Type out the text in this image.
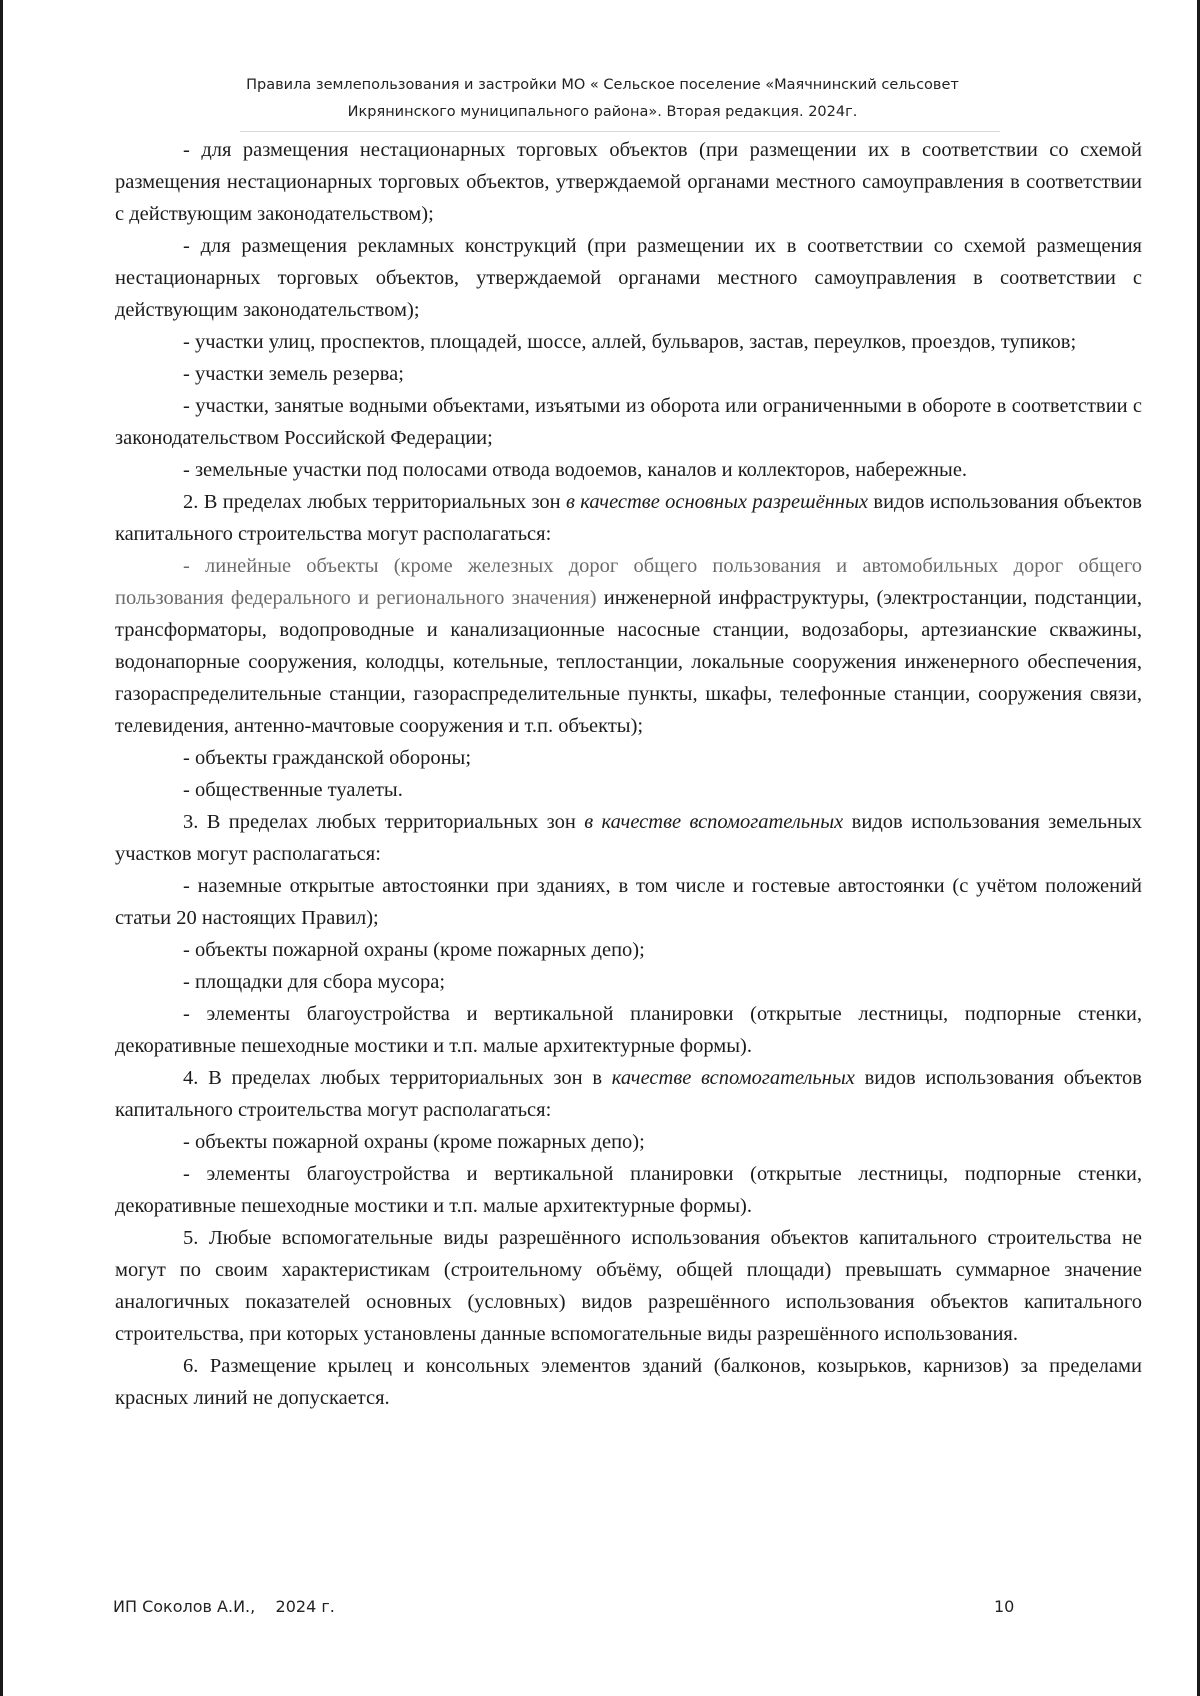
Правила землепользования и застройки МО « Сельское поселение «Маячнинский сельсовет
Икрянинского муниципального района». Вторая редакция. 2024г.

- для размещения нестационарных торговых объектов (при размещении их в соответствии со схемой размещения нестационарных торговых объектов, утверждаемой органами местного самоуправления в соответствии с действующим законодательством);

- для размещения рекламных конструкций (при размещении их в соответствии со схемой размещения нестационарных торговых объектов, утверждаемой органами местного самоуправления в соответствии с действующим законодательством);

- участки улиц, проспектов, площадей, шоссе, аллей, бульваров, застав, переулков, проездов, тупиков;

- участки земель резерва;

- участки, занятые водными объектами, изъятыми из оборота или ограниченными в обороте в соответствии с законодательством Российской Федерации;

- земельные участки под полосами отвода водоемов, каналов и коллекторов, набережные.

2. В пределах любых территориальных зон в качестве основных разрешённых видов использования объектов капитального строительства могут располагаться:

- линейные объекты (кроме железных дорог общего пользования и автомобильных дорог общего пользования федерального и регионального значения) инженерной инфраструктуры, (электростанции, подстанции, трансформаторы, водопроводные и канализационные насосные станции, водозаборы, артезианские скважины, водонапорные сооружения, колодцы, котельные, теплостанции, локальные сооружения инженерного обеспечения, газораспределительные станции, газораспределительные пункты, шкафы, телефонные станции, сооружения связи, телевидения, антенно-мачтовые сооружения и т.п. объекты);

- объекты гражданской обороны;

- общественные туалеты.

3. В пределах любых территориальных зон в качестве вспомогательных видов использования земельных участков могут располагаться:

- наземные открытые автостоянки при зданиях, в том числе и гостевые автостоянки (с учётом положений статьи 20 настоящих Правил);

- объекты пожарной охраны (кроме пожарных депо);

- площадки для сбора мусора;

- элементы благоустройства и вертикальной планировки (открытые лестницы, подпорные стенки, декоративные пешеходные мостики и т.п. малые архитектурные формы).

4. В пределах любых территориальных зон в качестве вспомогательных видов использования объектов капитального строительства могут располагаться:

- объекты пожарной охраны (кроме пожарных депо);

- элементы благоустройства и вертикальной планировки (открытые лестницы, подпорные стенки, декоративные пешеходные мостики и т.п. малые архитектурные формы).

5. Любые вспомогательные виды разрешённого использования объектов капитального строительства не могут по своим характеристикам (строительному объёму, общей площади) превышать суммарное значение аналогичных показателей основных (условных) видов разрешённого использования объектов капитального строительства, при которых установлены данные вспомогательные виды разрешённого использования.

6. Размещение крылец и консольных элементов зданий (балконов, козырьков, карнизов) за пределами красных линий не допускается.

ИП Соколов А.И.,    2024 г.	10
